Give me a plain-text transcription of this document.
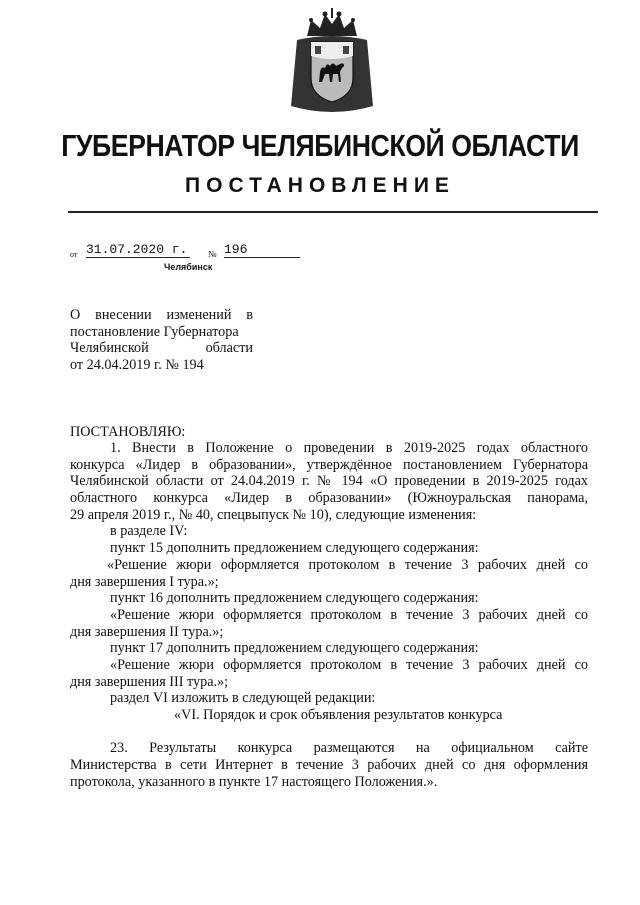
ГУБЕРНАТОР ЧЕЛЯБИНСКОЙ ОБЛАСТИ
ПОСТАНОВЛЕНИЕ
от 31.07.2020 г.	№ 196
Челябинск
О внесении изменений в
постановление Губернатора
Челябинской области
от 24.04.2019 г. № 194
ПОСТАНОВЛЯЮ:
1. Внести в Положение о проведении в 2019-2025 годах областного
конкурса «Лидер в образовании», утверждённое постановлением Губернатора
Челябинской области от 24.04.2019 г. № 194 «О проведении в 2019-2025 годах
областного конкурса «Лидер в образовании» (Южноуральская панорама,
29 апреля 2019 г., № 40, спецвыпуск № 10), следующие изменения:
в разделе IV:
пункт 15 дополнить предложением следующего содержания:
«Решение жюри оформляется протоколом в течение 3 рабочих дней со
дня завершения I тура.»;
пункт 16 дополнить предложением следующего содержания:
«Решение жюри оформляется протоколом в течение 3 рабочих дней со
дня завершения II тура.»;
пункт 17 дополнить предложением следующего содержания:
«Решение жюри оформляется протоколом в течение 3 рабочих дней со
дня завершения III тура.»;
раздел VI изложить в следующей редакции:
«VI. Порядок и срок объявления результатов конкурса
23. Результаты конкурса размещаются на официальном сайте
Министерства в сети Интернет в течение 3 рабочих дней со дня оформления
протокола, указанного в пункте 17 настоящего Положения.».
